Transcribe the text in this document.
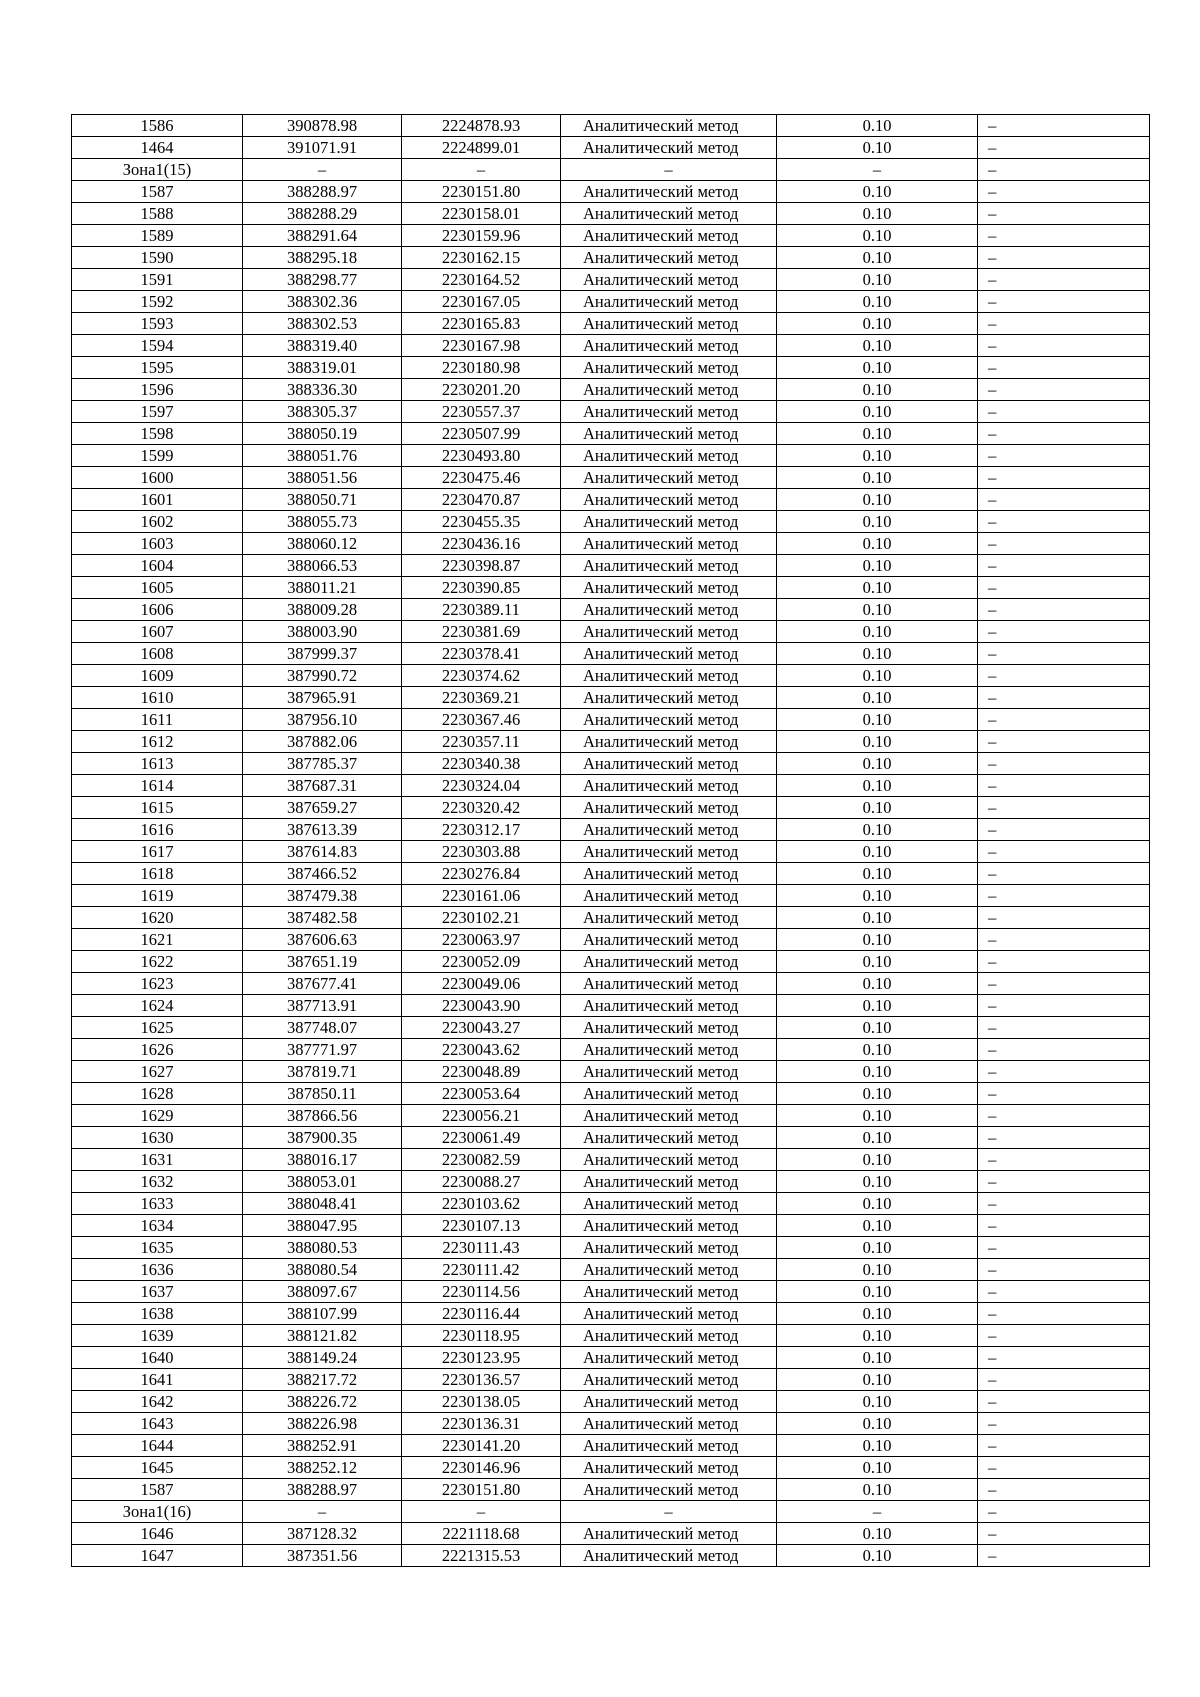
1586	390878.98	2224878.93	Аналитический метод	0.10	–
1464	391071.91	2224899.01	Аналитический метод	0.10	–
Зона1(15)	–	–	–	–	–
1587	388288.97	2230151.80	Аналитический метод	0.10	–
1588	388288.29	2230158.01	Аналитический метод	0.10	–
1589	388291.64	2230159.96	Аналитический метод	0.10	–
1590	388295.18	2230162.15	Аналитический метод	0.10	–
1591	388298.77	2230164.52	Аналитический метод	0.10	–
1592	388302.36	2230167.05	Аналитический метод	0.10	–
1593	388302.53	2230165.83	Аналитический метод	0.10	–
1594	388319.40	2230167.98	Аналитический метод	0.10	–
1595	388319.01	2230180.98	Аналитический метод	0.10	–
1596	388336.30	2230201.20	Аналитический метод	0.10	–
1597	388305.37	2230557.37	Аналитический метод	0.10	–
1598	388050.19	2230507.99	Аналитический метод	0.10	–
1599	388051.76	2230493.80	Аналитический метод	0.10	–
1600	388051.56	2230475.46	Аналитический метод	0.10	–
1601	388050.71	2230470.87	Аналитический метод	0.10	–
1602	388055.73	2230455.35	Аналитический метод	0.10	–
1603	388060.12	2230436.16	Аналитический метод	0.10	–
1604	388066.53	2230398.87	Аналитический метод	0.10	–
1605	388011.21	2230390.85	Аналитический метод	0.10	–
1606	388009.28	2230389.11	Аналитический метод	0.10	–
1607	388003.90	2230381.69	Аналитический метод	0.10	–
1608	387999.37	2230378.41	Аналитический метод	0.10	–
1609	387990.72	2230374.62	Аналитический метод	0.10	–
1610	387965.91	2230369.21	Аналитический метод	0.10	–
1611	387956.10	2230367.46	Аналитический метод	0.10	–
1612	387882.06	2230357.11	Аналитический метод	0.10	–
1613	387785.37	2230340.38	Аналитический метод	0.10	–
1614	387687.31	2230324.04	Аналитический метод	0.10	–
1615	387659.27	2230320.42	Аналитический метод	0.10	–
1616	387613.39	2230312.17	Аналитический метод	0.10	–
1617	387614.83	2230303.88	Аналитический метод	0.10	–
1618	387466.52	2230276.84	Аналитический метод	0.10	–
1619	387479.38	2230161.06	Аналитический метод	0.10	–
1620	387482.58	2230102.21	Аналитический метод	0.10	–
1621	387606.63	2230063.97	Аналитический метод	0.10	–
1622	387651.19	2230052.09	Аналитический метод	0.10	–
1623	387677.41	2230049.06	Аналитический метод	0.10	–
1624	387713.91	2230043.90	Аналитический метод	0.10	–
1625	387748.07	2230043.27	Аналитический метод	0.10	–
1626	387771.97	2230043.62	Аналитический метод	0.10	–
1627	387819.71	2230048.89	Аналитический метод	0.10	–
1628	387850.11	2230053.64	Аналитический метод	0.10	–
1629	387866.56	2230056.21	Аналитический метод	0.10	–
1630	387900.35	2230061.49	Аналитический метод	0.10	–
1631	388016.17	2230082.59	Аналитический метод	0.10	–
1632	388053.01	2230088.27	Аналитический метод	0.10	–
1633	388048.41	2230103.62	Аналитический метод	0.10	–
1634	388047.95	2230107.13	Аналитический метод	0.10	–
1635	388080.53	2230111.43	Аналитический метод	0.10	–
1636	388080.54	2230111.42	Аналитический метод	0.10	–
1637	388097.67	2230114.56	Аналитический метод	0.10	–
1638	388107.99	2230116.44	Аналитический метод	0.10	–
1639	388121.82	2230118.95	Аналитический метод	0.10	–
1640	388149.24	2230123.95	Аналитический метод	0.10	–
1641	388217.72	2230136.57	Аналитический метод	0.10	–
1642	388226.72	2230138.05	Аналитический метод	0.10	–
1643	388226.98	2230136.31	Аналитический метод	0.10	–
1644	388252.91	2230141.20	Аналитический метод	0.10	–
1645	388252.12	2230146.96	Аналитический метод	0.10	–
1587	388288.97	2230151.80	Аналитический метод	0.10	–
Зона1(16)	–	–	–	–	–
1646	387128.32	2221118.68	Аналитический метод	0.10	–
1647	387351.56	2221315.53	Аналитический метод	0.10	–
